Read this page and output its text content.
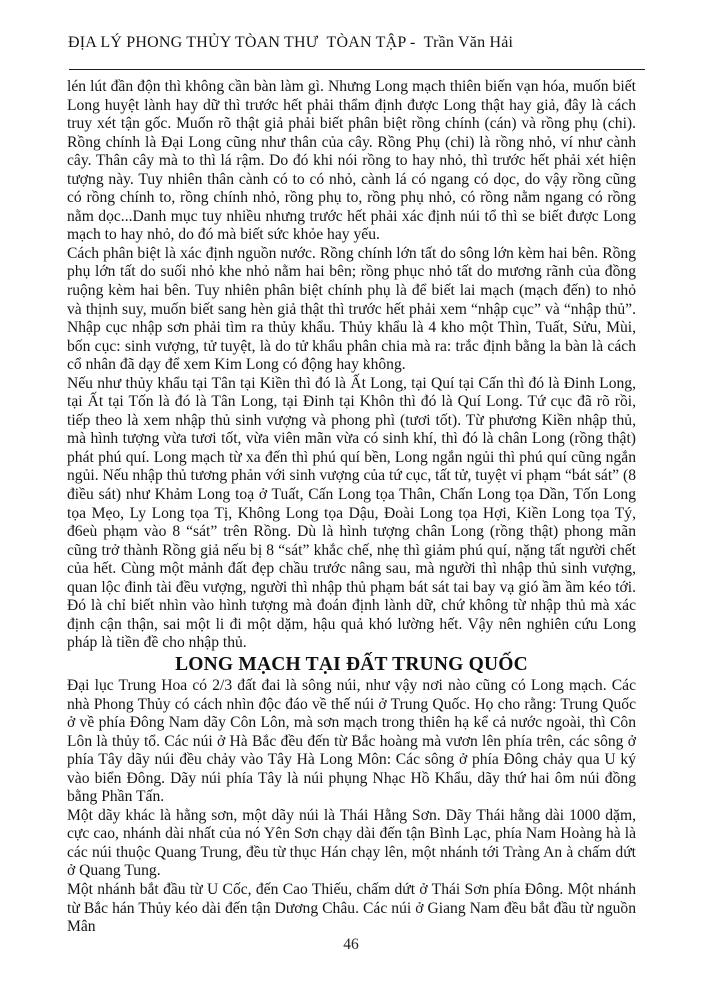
ĐỊA LÝ PHONG THỦY TÒAN THƯ  TÒAN TẬP -  Trần Văn Hải

lén lút đần độn thì không cần bàn làm gì. Nhưng Long mạch thiên biến vạn hóa, muốn biết Long huyệt lành hay dữ thì trước hết phải thẩm định được Long thật hay giả, đây là cách truy xét tận gốc. Muốn rõ thật giả phải biết phân biệt rồng chính (cán) và rồng phụ (chi). Rồng chính là Đại Long cũng như thân của cây. Rồng Phụ (chi) là rồng nhỏ, ví như cành cây. Thân cây mà to thì lá rậm. Do đó khi nói rồng to hay nhỏ, thì trước hết phải xét hiện tượng này. Tuy nhiên thân cành có to có nhỏ, cành lá có ngang có dọc, do vậy rồng cũng có rồng chính to, rồng chính nhỏ, rồng phụ to, rồng phụ nhỏ, có rồng nằm ngang có rồng nằm dọc...Danh mục tuy nhiều nhưng trước hết phải xác định núi tổ thì se biết được Long mạch to hay nhỏ, do đó mà biết sức khỏe hay yếu.

Cách phân biệt là xác định nguồn nước. Rồng chính lớn tất do sông lớn kèm hai bên. Rồng phụ lớn tất do suối nhỏ khe nhỏ nằm hai bên; rồng phục nhỏ tất do mương rãnh của đồng ruộng kèm hai bên. Tuy nhiên phân biệt chính phụ là để biết lai mạch (mạch đến) to nhỏ và thịnh suy, muốn biết sang hèn giả thật thì trước hết phải xem “nhập cục” và “nhập thủ”. Nhập cục nhập sơn phải tìm ra thủy khẩu. Thủy khẩu là 4 kho một Thìn, Tuất, Sửu, Mùi, bốn cục: sinh vượng, tử tuyệt, là do tử khẩu phân chia mà ra: trắc định bằng la bàn là cách cổ nhân đã dạy để xem Kim Long có động hay không.

Nếu như thủy khẩu tại Tân tại Kiền thì đó là Ất Long, tại Quí tại Cấn thì đó là Đinh Long, tại Ất tại Tốn là đó là Tân Long, tại Đinh tại Khôn thì đó là Quí Long. Tứ cục đã rõ rồi, tiếp theo là xem nhập thủ sinh vượng và phong phì (tươi tốt). Từ phương Kiền nhập thủ, mà hình tượng vừa tươi tốt, vừa viên mãn vừa có sinh khí, thì đó là chân Long (rồng thật) phát phú quí. Long mạch từ xa đến thì phú quí bền, Long ngắn ngủi thì phú quí cũng ngắn ngủi. Nếu nhập thủ tương phản với sinh vượng của tứ cục, tất tử, tuyệt vi phạm “bát sát” (8 điều sát) như Khảm Long toạ ở Tuất, Cấn Long tọa Thân, Chấn Long tọa Dần, Tốn Long tọa Mẹo, Ly Long tọa Tị, Không Long tọa Dậu, Đoài Long tọa Hợi, Kiền Long tọa Tý, đ6eù phạm vào 8 “sát” trên Rồng. Dù là hình tượng chân Long (rồng thật) phong mãn cũng trở thành Rồng giả nếu bị 8 “sát” khắc chế, nhẹ thì giảm phú quí, nặng tất người chết của hết. Cùng một mảnh đất đẹp chầu trước nâng sau, mà người thì nhập thủ sinh vượng, quan lộc đinh tài đều vượng, người thì nhập thủ phạm bát sát tai bay vạ gió ầm ầm kéo tới. Đó là chỉ biết nhìn vào hình tượng mà đoán định lành dữ, chứ không từ nhập thủ mà xác định cận thận, sai một li đi một dặm, hậu quả khó lường hết. Vậy nên nghiên cứu Long pháp là tiền đề cho nhập thủ.

LONG MẠCH TẠI ĐẤT TRUNG QUỐC

Đại lục Trung Hoa có 2/3 đất đai là sông núi, như vậy nơi nào cũng có Long mạch. Các nhà Phong Thủy có cách nhìn độc đáo về thế núi ở Trung Quốc. Họ cho rằng: Trung Quốc ở về phía Đông Nam dãy Côn Lôn, mà sơn mạch trong thiên hạ kể cả nước ngoài, thì Côn Lôn là thủy tổ. Các núi ở Hà Bắc đều đến từ Bắc hoàng mà vươn lên phía trên, các sông ở phía Tây dãy núi đều chảy vào Tây Hà Long Môn: Các sông ở phía Đông chảy qua U ký vào biển Đông. Dãy núi phía Tây là núi phụng Nhạc Hồ Khẩu, dãy thứ hai ôm núi đồng bằng Phần Tấn.

Một dãy khác là hằng sơn, một dãy núi là Thái Hằng Sơn. Dãy Thái hằng dài 1000 dặm, cực cao, nhánh dài nhất của nó Yên Sơn chạy dài đến tận Bình Lạc, phía Nam Hoàng hà là các núi thuộc Quang Trung, đều từ thục Hán chạy lên, một nhánh tới Tràng An à chấm dứt ở Quang Tung.

Một nhánh bắt đầu từ U Cốc, đến Cao Thiếu, chấm dứt ở Thái Sơn phía Đông. Một nhánh từ Bắc hán Thủy kéo dài đến tận Dương Châu. Các núi ở Giang Nam đều bắt đầu từ nguồn Mân

46
